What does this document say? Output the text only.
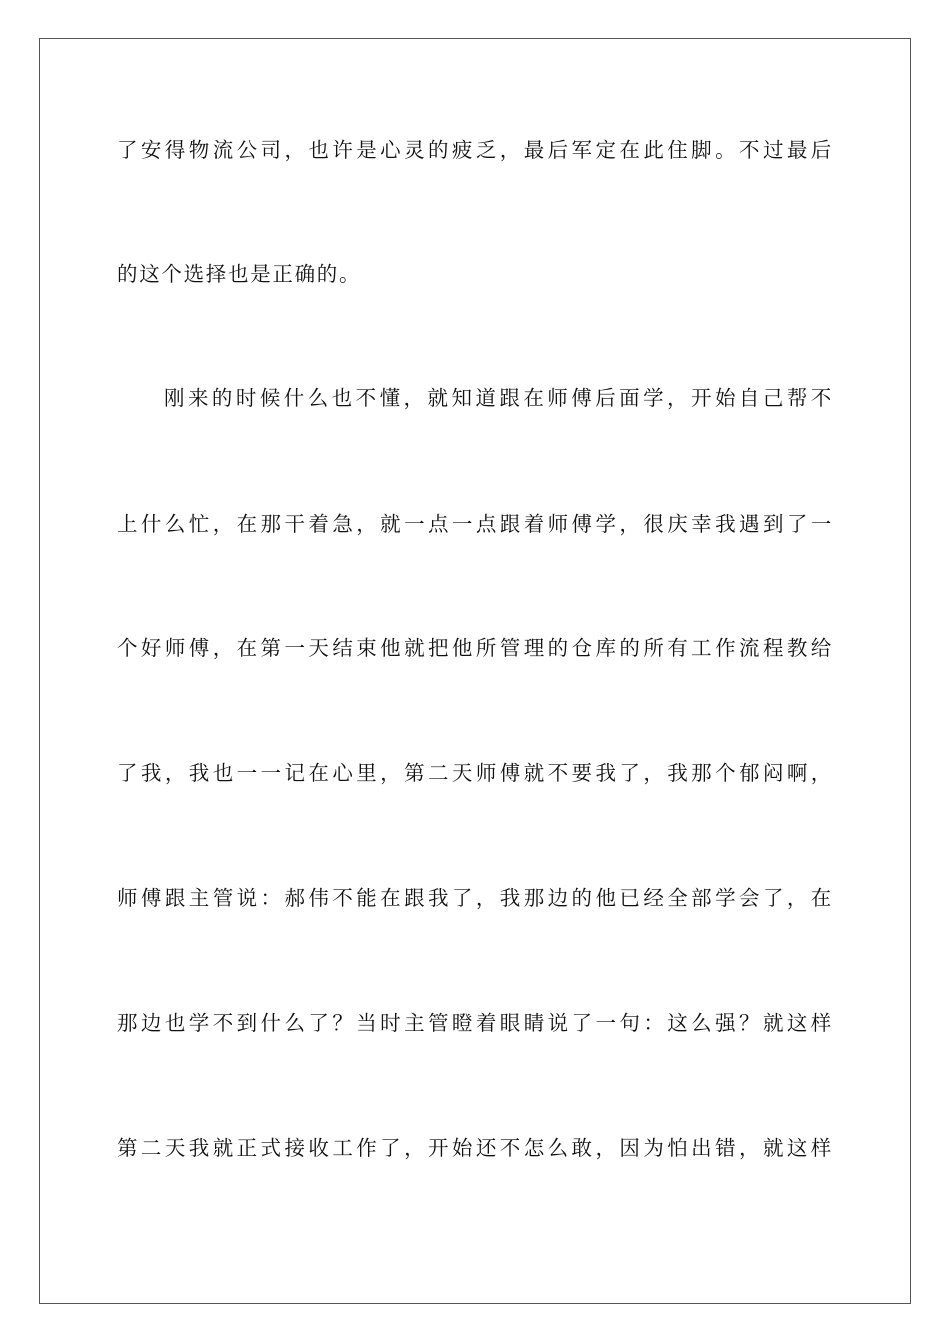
了安得物流公司，也许是心灵的疲乏，最后军定在此住脚。不过最后
的这个选择也是正确的。
刚来的时候什么也不懂，就知道跟在师傅后面学，开始自己帮不
上什么忙，在那干着急，就一点一点跟着师傅学，很庆幸我遇到了一
个好师傅，在第一天结束他就把他所管理的仓库的所有工作流程教给
了我，我也一一记在心里，第二天师傅就不要我了，我那个郁闷啊，
师傅跟主管说：郝伟不能在跟我了，我那边的他已经全部学会了，在
那边也学不到什么了？当时主管瞪着眼睛说了一句：这么强？就这样
第二天我就正式接收工作了，开始还不怎么敢，因为怕出错，就这样
